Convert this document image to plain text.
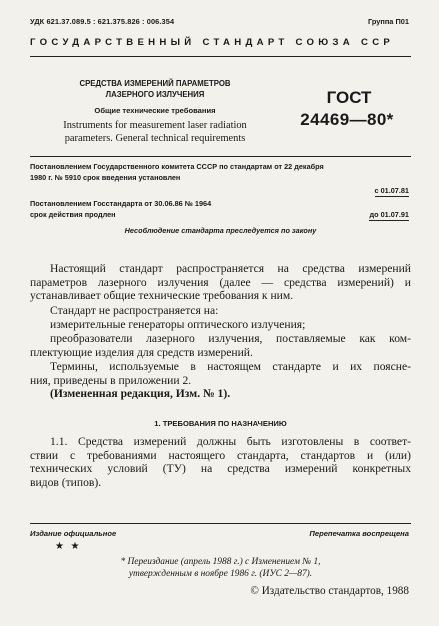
УДК 621.37.089.5 : 621.375.826 : 006.354	Группа П01
ГОСУДАРСТВЕННЫЙ СТАНДАРТ СОЮЗА ССР
СРЕДСТВА ИЗМЕРЕНИЙ ПАРАМЕТРОВ
ЛАЗЕРНОГО ИЗЛУЧЕНИЯ
Общие технические требования
Instruments for measurement laser radiation
parameters. General technical requirements
ГОСТ
24469—80*
Постановлением Государственного комитета СССР по стандартам от 22 декабря
1980 г. № 5910 срок введения установлен
с 01.07.81
Постановлением Госстандарта от 30.06.86 № 1964
срок действия продлен	до 01.07.91
Несоблюдение стандарта преследуется по закону
Настоящий стандарт распространяется на средства измерений
параметров лазерного излучения (далее — средства измерений) и
устанавливает общие технические требования к ним.
Стандарт не распространяется на:
измерительные генераторы оптического излучения;
преобразователи лазерного излучения, поставляемые как ком-
плектующие изделия для средств измерений.
Термины, используемые в настоящем стандарте и их поясне-
ния, приведены в приложении 2.
(Измененная редакция, Изм. № 1).
1. ТРЕБОВАНИЯ ПО НАЗНАЧЕНИЮ
1.1. Средства измерений должны быть изготовлены в соответ-
ствии с требованиями настоящего стандарта, стандартов и (или)
технических условий (ТУ) на средства измерений конкретных
видов (типов).
Издание официальное	Перепечатка воспрещена
★ ★
* Переиздание (апрель 1988 г.) с Изменением № 1,
утвержденным в ноябре 1986 г. (ИУС 2—87).
© Издательство стандартов, 1988
